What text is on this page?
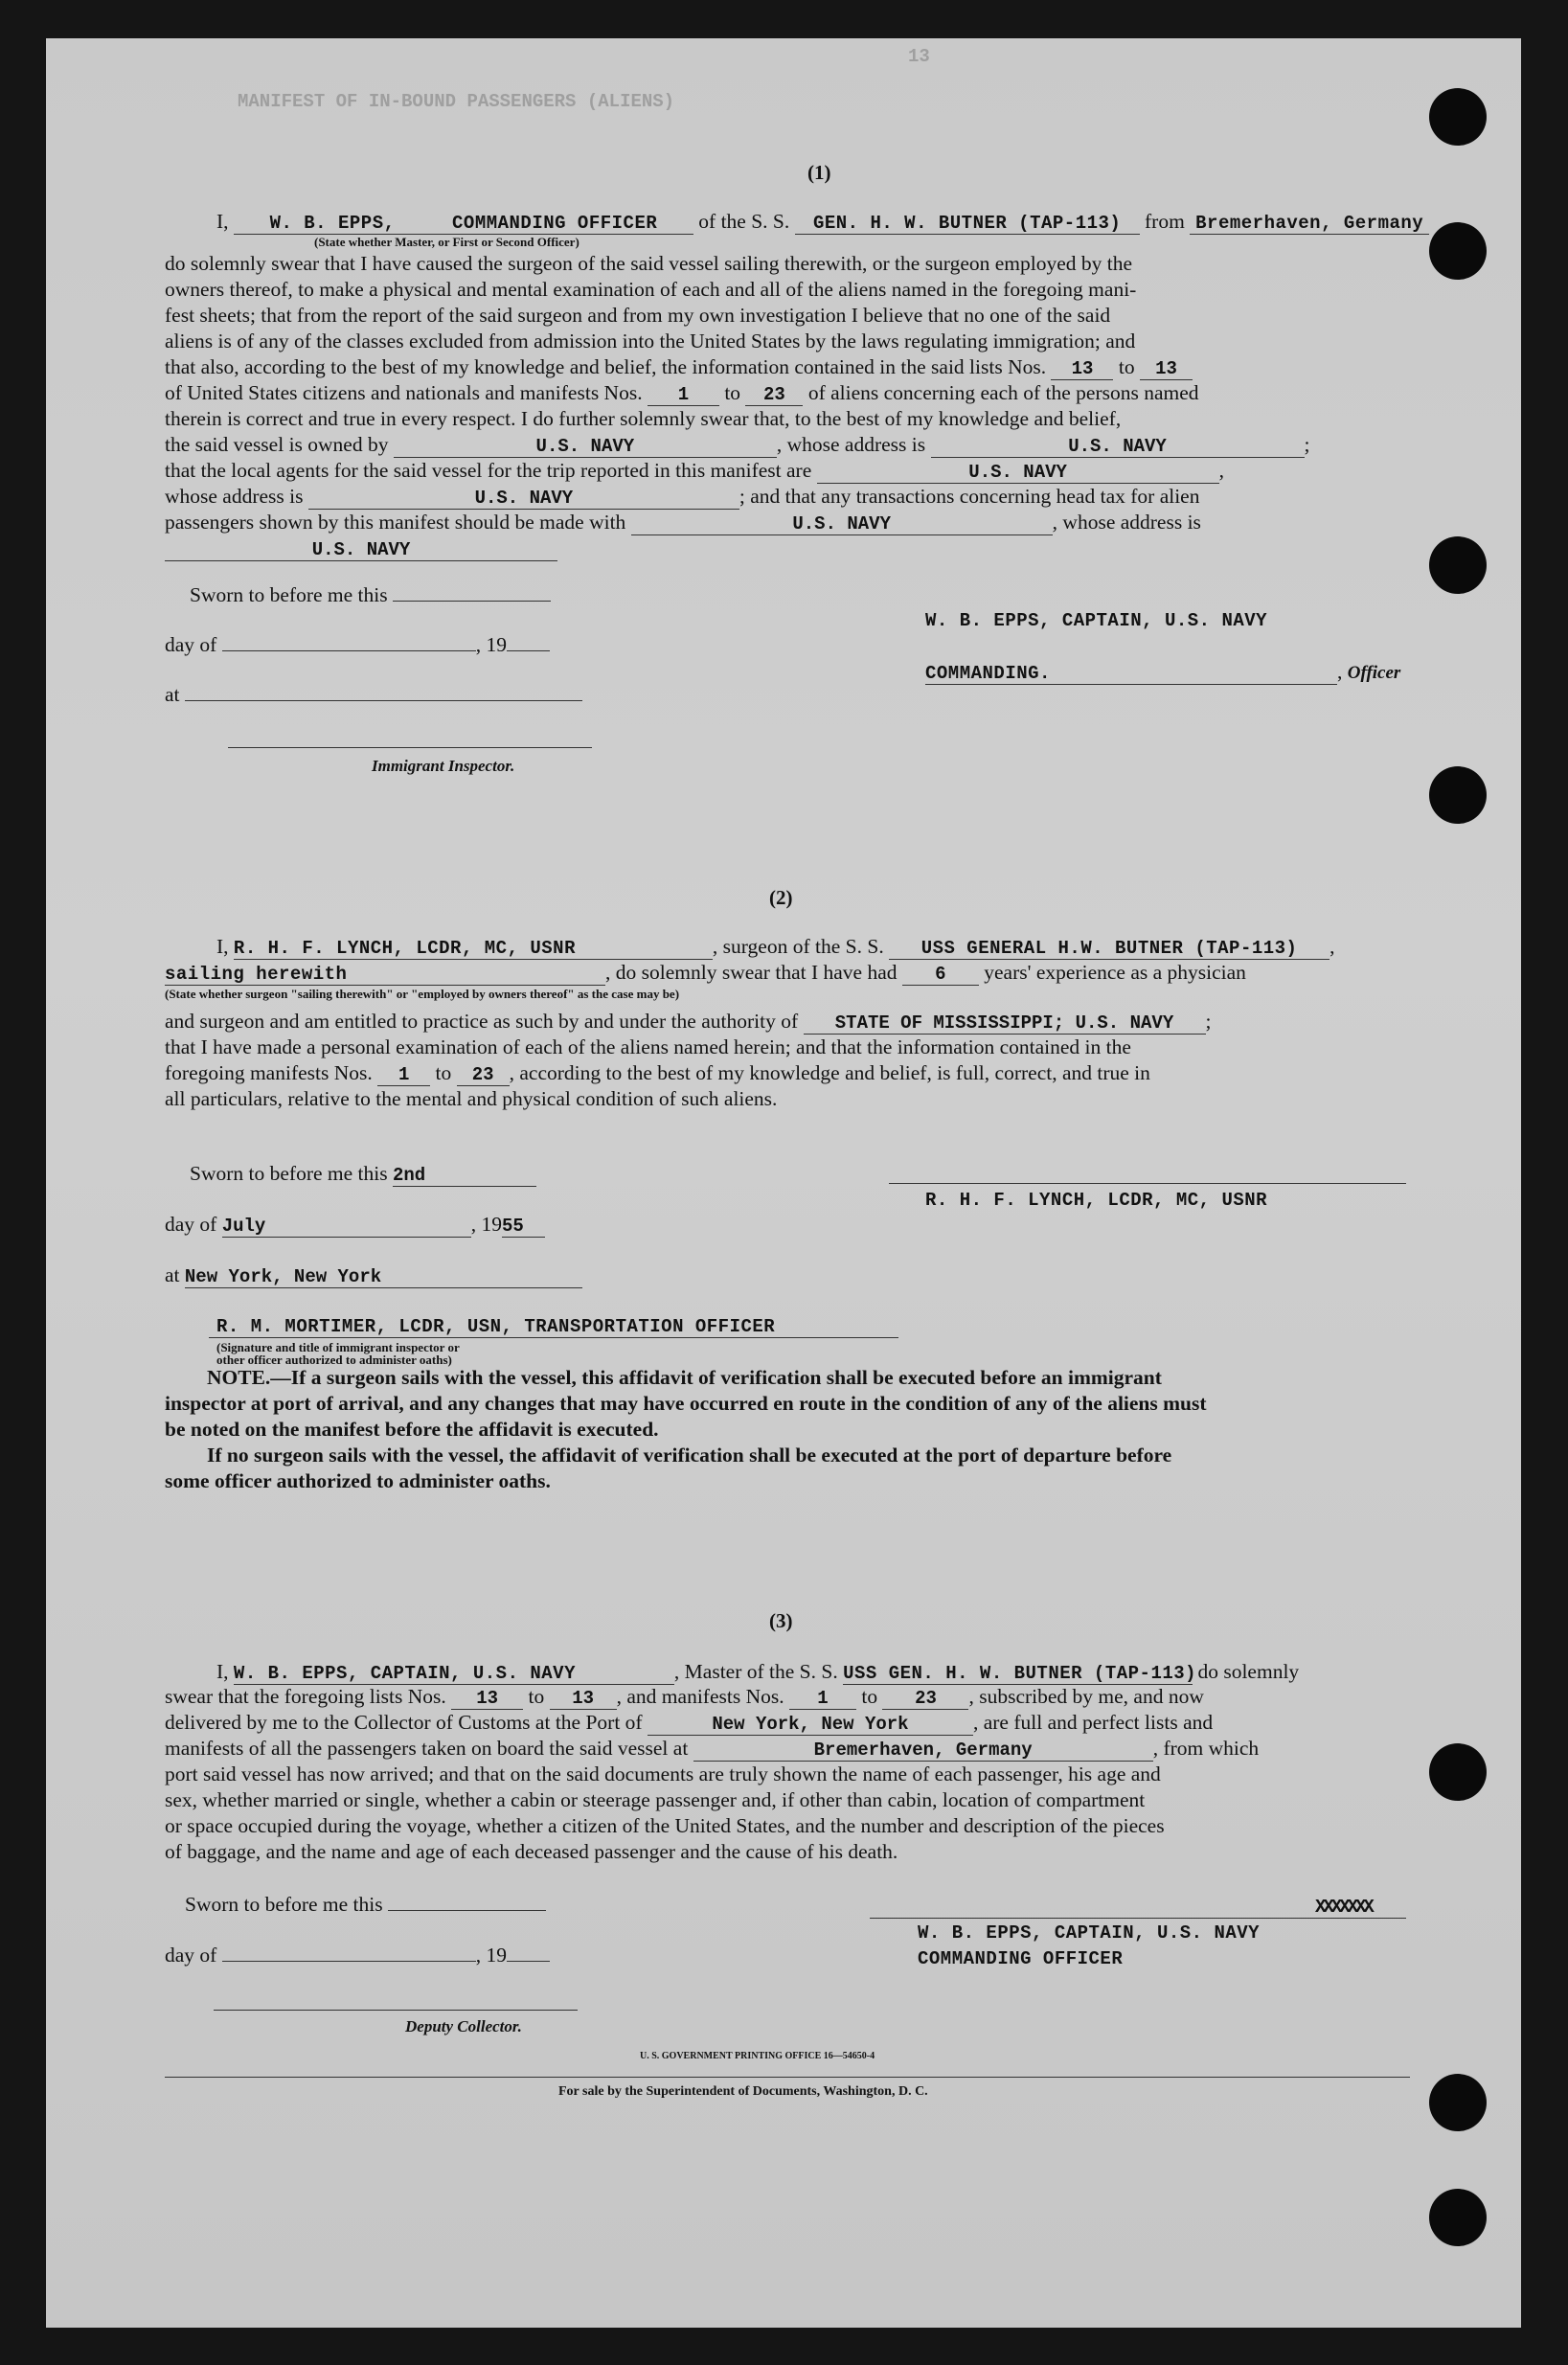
MANIFEST OF IN-BOUND PASSENGERS (ALIENS)
13
(1)
I, W. B. EPPS,	COMMANDING OFFICER of the S. S. GEN. H. W. BUTNER (TAP-113) from Bremerhaven, Germany
(State whether Master, or First or Second Officer)
do solemnly swear that I have caused the surgeon of the said vessel sailing therewith, or the surgeon employed by the
owners thereof, to make a physical and mental examination of each and all of the aliens named in the foregoing mani-
fest sheets; that from the report of the said surgeon and from my own investigation I believe that no one of the said
aliens is of any of the classes excluded from admission into the United States by the laws regulating immigration; and
that also, according to the best of my knowledge and belief, the information contained in the said lists Nos. 13 to 13
of United States citizens and nationals and manifests Nos. 1 to 23 of aliens concerning each of the persons named
therein is correct and true in every respect. I do further solemnly swear that, to the best of my knowledge and belief,
the said vessel is owned by	U.S. NAVY	, whose address is	U.S. NAVY	;
that the local agents for the said vessel for the trip reported in this manifest are	U.S. NAVY	,
whose address is	U.S. NAVY	; and that any transactions concerning head tax for alien
passengers shown by this manifest should be made with	U.S. NAVY	, whose address is
U.S. NAVY
Sworn to before me this
day of	, 19
at
Immigrant Inspector.
W. B. EPPS, CAPTAIN, U.S. NAVY
COMMANDING.	, Officer
(2)
I, R. H. F. LYNCH, LCDR, MC, USNR	, surgeon of the S. S. USS GENERAL H.W. BUTNER (TAP-113) ,
sailing herewith	, do solemnly swear that I have had 6 years' experience as a physician
(State whether surgeon "sailing therewith" or "employed by owners thereof" as the case may be)
and surgeon and am entitled to practice as such by and under the authority of STATE OF MISSISSIPPI; U.S. NAVY ;
that I have made a personal examination of each of the aliens named herein; and that the information contained in the
foregoing manifests Nos. 1 to 23 , according to the best of my knowledge and belief, is full, correct, and true in
all particulars, relative to the mental and physical condition of such aliens.
Sworn to before me this 2nd
day of July	, 1955
at New York, New York
R. H. F. LYNCH, LCDR, MC, USNR
R. M. MORTIMER, LCDR, USN, TRANSPORTATION OFFICER
(Signature and title of immigrant inspector or
other officer authorized to administer oaths)
NOTE.—If a surgeon sails with the vessel, this affidavit of verification shall be executed before an immigrant
inspector at port of arrival, and any changes that may have occurred en route in the condition of any of the aliens must
be noted on the manifest before the affidavit is executed.
If no surgeon sails with the vessel, the affidavit of verification shall be executed at the port of departure before
some officer authorized to administer oaths.
(3)
I, W. B. EPPS, CAPTAIN, U.S. NAVY	, Master of the S. S. USS GEN. H. W. BUTNER (TAP-113) do solemnly
swear that the foregoing lists Nos. 13 to 13 , and manifests Nos. 1 to 23 , subscribed by me, and now
delivered by me to the Collector of Customs at the Port of	New York, New York	, are full and perfect lists and
manifests of all the passengers taken on board the said vessel at	Bremerhaven, Germany	, from which
port said vessel has now arrived; and that on the said documents are truly shown the name of each passenger, his age and
sex, whether married or single, whether a cabin or steerage passenger and, if other than cabin, location of compartment
or space occupied during the voyage, whether a citizen of the United States, and the number and description of the pieces
of baggage, and the name and age of each deceased passenger and the cause of his death.
Sworn to before me this
day of	, 19
Deputy Collector.
XXXXXXX
W. B. EPPS, CAPTAIN, U.S. NAVY
COMMANDING OFFICER
U. S. GOVERNMENT PRINTING OFFICE 16—54650-4
For sale by the Superintendent of Documents, Washington, D. C.
